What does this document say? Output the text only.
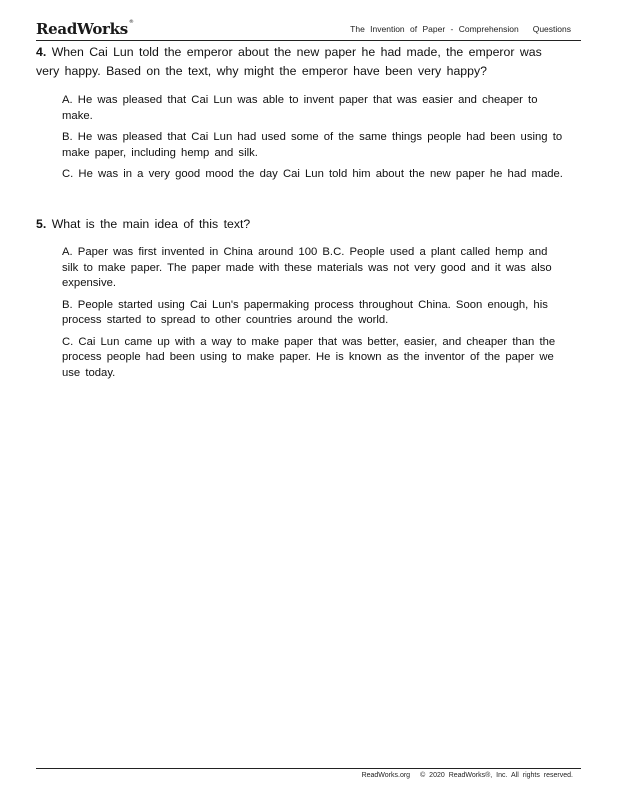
ReadWorks®
The Invention of Paper - Comprehension Questions
4. When Cai Lun told the emperor about the new paper he had made, the emperor was very happy. Based on the text, why might the emperor have been very happy?
A. He was pleased that Cai Lun was able to invent paper that was easier and cheaper to make.
B. He was pleased that Cai Lun had used some of the same things people had been using to make paper, including hemp and silk.
C. He was in a very good mood the day Cai Lun told him about the new paper he had made.
5. What is the main idea of this text?
A. Paper was first invented in China around 100 B.C. People used a plant called hemp and silk to make paper. The paper made with these materials was not very good and it was also expensive.
B. People started using Cai Lun's papermaking process throughout China. Soon enough, his process started to spread to other countries around the world.
C. Cai Lun came up with a way to make paper that was better, easier, and cheaper than the process people had been using to make paper. He is known as the inventor of the paper we use today.
ReadWorks.org © 2020 ReadWorks®, Inc. All rights reserved.
